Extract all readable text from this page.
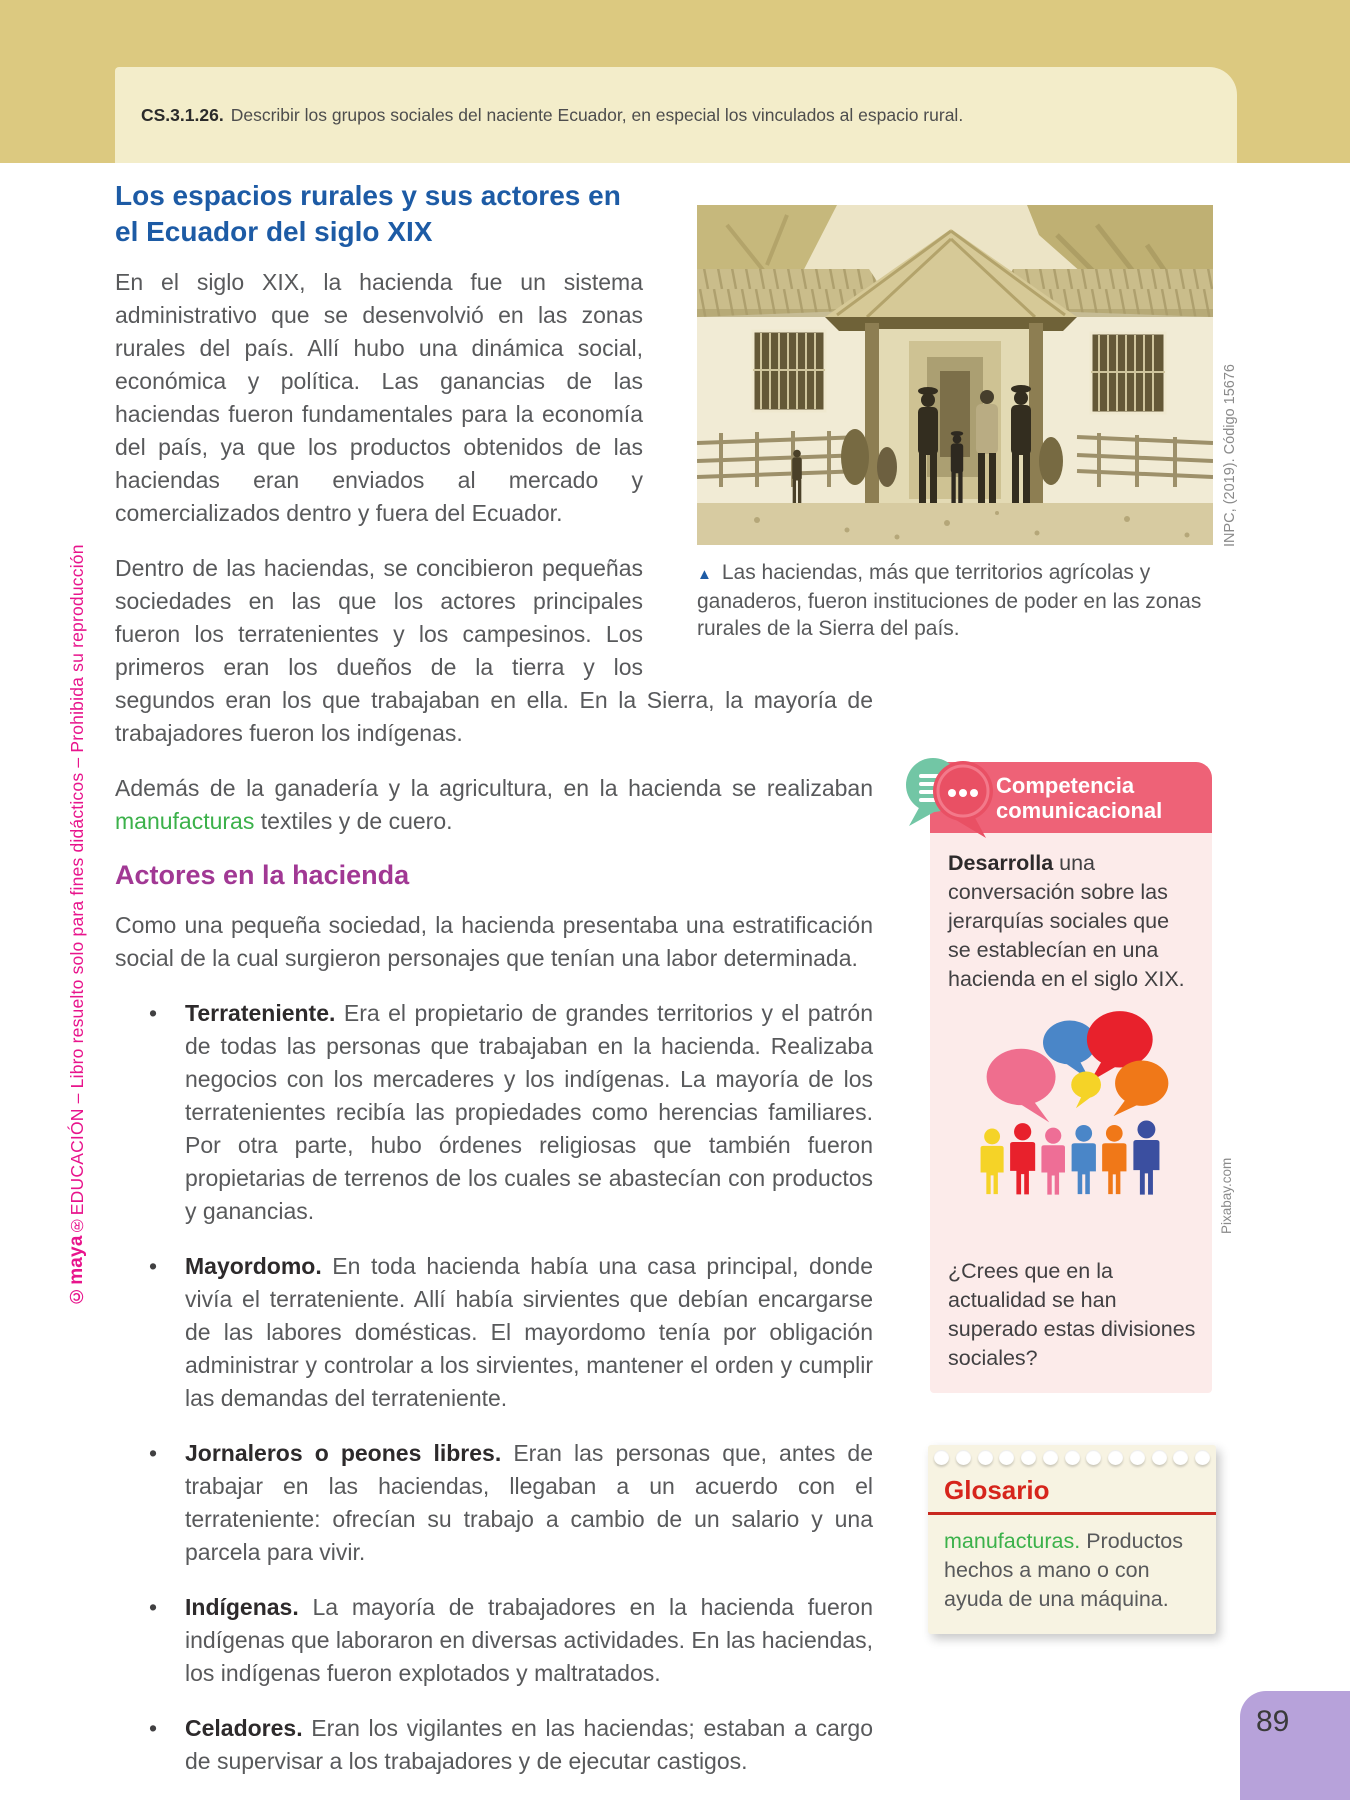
CS.3.1.26. Describir los grupos sociales del naciente Ecuador, en especial los vinculados al espacio rural.
©maya®EDUCACIÓN – Libro resuelto solo para fines didácticos – Prohibida su reproducción	▲ Las haciendas, más que territorios agrícolas y ganaderos, fueron instituciones de poder en las zonas rurales de la Sierra del país.
INPC, (2019). Código 15676
Los espacios rurales y sus actores en el Ecuador del siglo XIX

En el siglo XIX, la hacienda fue un sistema administrativo que se desenvolvió en las zonas rurales del país. Allí hubo una dinámica social, económica y política. Las ganancias de las haciendas fueron fundamentales para la economía del país, ya que los productos obtenidos de las haciendas eran enviados al mercado y comercializados dentro y fuera del Ecuador.

Dentro de las haciendas, se concibieron pequeñas sociedades en las que los actores principales fueron los terratenientes y los campesinos. Los primeros eran los dueños de la tierra y los segundos eran los que trabajaban en ella. En la Sierra, la mayoría de trabajadores fueron los indígenas.

Además de la ganadería y la agricultura, en la hacienda se realizaban manufacturas textiles y de cuero.

Actores en la hacienda

Como una pequeña sociedad, la hacienda presentaba una estratificación social de la cual surgieron personajes que tenían una labor determinada.

• Terrateniente. Era el propietario de grandes territorios y el patrón de todas las personas que trabajaban en la hacienda. Realizaba negocios con los mercaderes y los indígenas. La mayoría de los terratenientes recibía las propiedades como herencias familiares. Por otra parte, hubo órdenes religiosas que también fueron propietarias de terrenos de los cuales se abastecían con productos y ganancias.
• Mayordomo. En toda hacienda había una casa principal, donde vivía el terrateniente. Allí había sirvientes que debían encargarse de las labores domésticas. El mayordomo tenía por obligación administrar y controlar a los sirvientes, mantener el orden y cumplir las demandas del terrateniente.
• Jornaleros o peones libres. Eran las personas que, antes de trabajar en las haciendas, llegaban a un acuerdo con el terrateniente: ofrecían su trabajo a cambio de un salario y una parcela para vivir.
• Indígenas. La mayoría de trabajadores en la hacienda fueron indígenas que laboraron en diversas actividades. En las haciendas, los indígenas fueron explotados y maltratados.
• Celadores. Eran los vigilantes en las haciendas; estaban a cargo de supervisar a los trabajadores y de ejecutar castigos.
Competencia comunicacional

Desarrolla una conversación sobre las jerarquías sociales que se establecían en una hacienda en el siglo XIX.

¿Crees que en la actualidad se han superado estas divisiones sociales?

Pixabay.com
Glosario

manufacturas. Productos hechos a mano o con ayuda de una máquina.

89
